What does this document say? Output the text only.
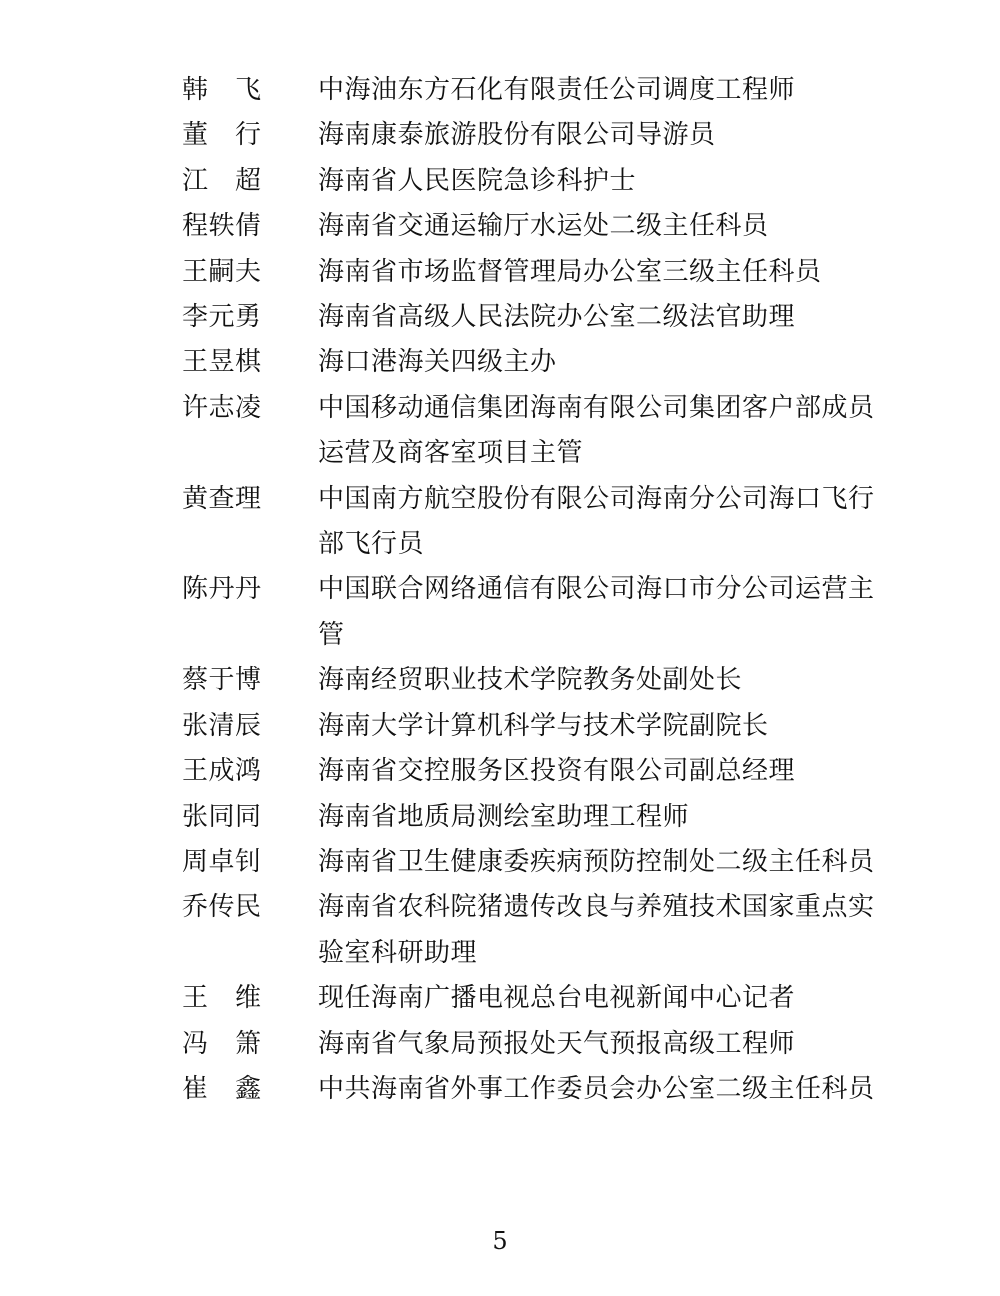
韩　飞	中海油东方石化有限责任公司调度工程师
董　行	海南康泰旅游股份有限公司导游员
江　超	海南省人民医院急诊科护士
程轶倩	海南省交通运输厅水运处二级主任科员
王嗣夫	海南省市场监督管理局办公室三级主任科员
李元勇	海南省高级人民法院办公室二级法官助理
王昱棋	海口港海关四级主办
许志凌	中国移动通信集团海南有限公司集团客户部成员运营及商客室项目主管
黄查理	中国南方航空股份有限公司海南分公司海口飞行部飞行员
陈丹丹	中国联合网络通信有限公司海口市分公司运营主管
蔡于博	海南经贸职业技术学院教务处副处长
张清辰	海南大学计算机科学与技术学院副院长
王成鸿	海南省交控服务区投资有限公司副总经理
张同同	海南省地质局测绘室助理工程师
周卓钊	海南省卫生健康委疾病预防控制处二级主任科员
乔传民	海南省农科院猪遗传改良与养殖技术国家重点实验室科研助理
王　维	现任海南广播电视总台电视新闻中心记者
冯　箫	海南省气象局预报处天气预报高级工程师
崔　鑫	中共海南省外事工作委员会办公室二级主任科员
5
